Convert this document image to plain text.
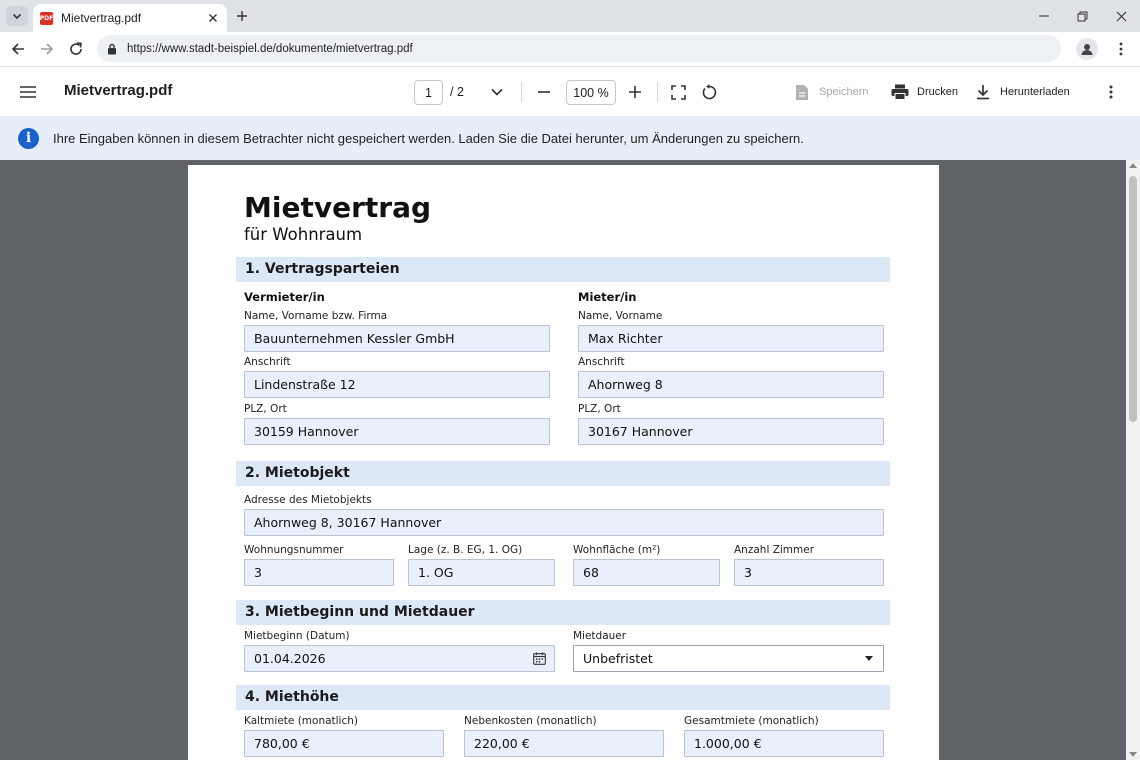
PDF Mietvertrag.pdf
https://www.stadt-beispiel.de/dokumente/mietvertrag.pdf
Mietvertrag.pdf	1	/ 2	100 %	Speichern	Drucken	Herunterladen
i	Ihre Eingaben können in diesem Betrachter nicht gespeichert werden. Laden Sie die Datei herunter, um Änderungen zu speichern.
Mietvertrag
für Wohnraum
1. Vertragsparteien
Vermieter/in
Name, Vorname bzw. Firma
Bauunternehmen Kessler GmbH
Anschrift
Lindenstraße 12
PLZ, Ort
30159 Hannover
Mieter/in
Name, Vorname
Max Richter
Anschrift
Ahornweg 8
PLZ, Ort
30167 Hannover
2. Mietobjekt
Adresse des Mietobjekts
Ahornweg 8, 30167 Hannover
Wohnungsnummer
3
Lage (z. B. EG, 1. OG)
1. OG
Wohnfläche (m²)
68
Anzahl Zimmer
3
3. Mietbeginn und Mietdauer
Mietbeginn (Datum)
01.04.2026
Mietdauer
Unbefristet
4. Miethöhe
Kaltmiete (monatlich)
780,00 €
Nebenkosten (monatlich)
220,00 €
Gesamtmiete (monatlich)
1.000,00 €
